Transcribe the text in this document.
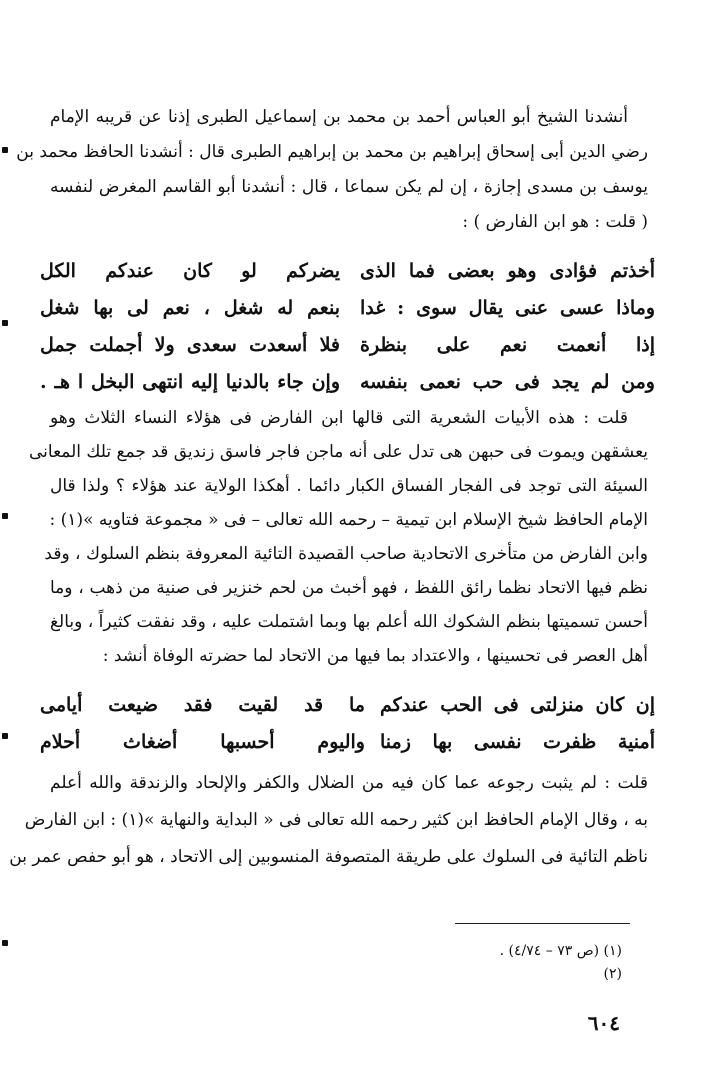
أنشدنا الشيخ أبو العباس أحمد بن محمد بن إسماعيل الطبرى إذنا عن قريبه الإمام
رضي الدين أبى إسحاق إبراهيم بن محمد بن إبراهيم الطبرى قال : أنشدنا الحافظ محمد بن
يوسف بن مسدى إجازة ، إن لم يكن سماعا ، قال : أنشدنا أبو القاسم المغرض لنفسه
( قلت : هو ابن الفارض ) :
أخذتم فؤادى وهو بعضى فما الذى
يضركم لو كان عندكم الكل
وماذا عسى عنى يقال سوى : غدا
بنعم له شغل ، نعم لى بها شغل
إذا أنعمت نعم على بنظرة
فلا أسعدت سعدى ولا أجملت جمل
ومن لم يجد فى حب نعمى بنفسه
وإن جاء بالدنيا إليه انتهى البخل ا هـ .
قلت : هذه الأبيات الشعرية التى قالها ابن الفارض فى هؤلاء النساء الثلاث وهو
يعشقهن ويموت فى حبهن هى تدل على أنه ماجن فاجر فاسق زنديق قد جمع تلك المعانى
السيئة التى توجد فى الفجار الفساق الكبار دائما . أهكذا الولاية عند هؤلاء ؟ ولذا قال
الإمام الحافظ شيخ الإسلام ابن تيمية – رحمه الله تعالى – فى « مجموعة فتاويه »(١) :
وابن الفارض من متأخرى الاتحادية صاحب القصيدة التائية المعروفة بنظم السلوك ، وقد
نظم فيها الاتحاد نظما رائق اللفظ ، فهو أخبث من لحم خنزير فى صنية من ذهب ، وما
أحسن تسميتها بنظم الشكوك الله أعلم بها وبما اشتملت عليه ، وقد نفقت كثيراً ، وبالغ
أهل العصر فى تحسينها ، والاعتداد بما فيها من الاتحاد لما حضرته الوفاة أنشد :
إن كان منزلتى فى الحب عندكم
ما قد لقيت فقد ضيعت أيامى
أمنية ظفرت نفسى بها زمنا
واليوم أحسبها أضغاث أحلام
قلت : لم يثبت رجوعه عما كان فيه من الضلال والكفر والإلحاد والزندقة والله أعلم
به ، وقال الإمام الحافظ ابن كثير رحمه الله تعالى فى « البداية والنهاية »(١) : ابن الفارض
ناظم التائية فى السلوك على طريقة المتصوفة المنسوبين إلى الاتحاد ، هو أبو حفص عمر بن
(١) (ص ٧٣ – ٤/٧٤) .
(٢)
٦٠٤
